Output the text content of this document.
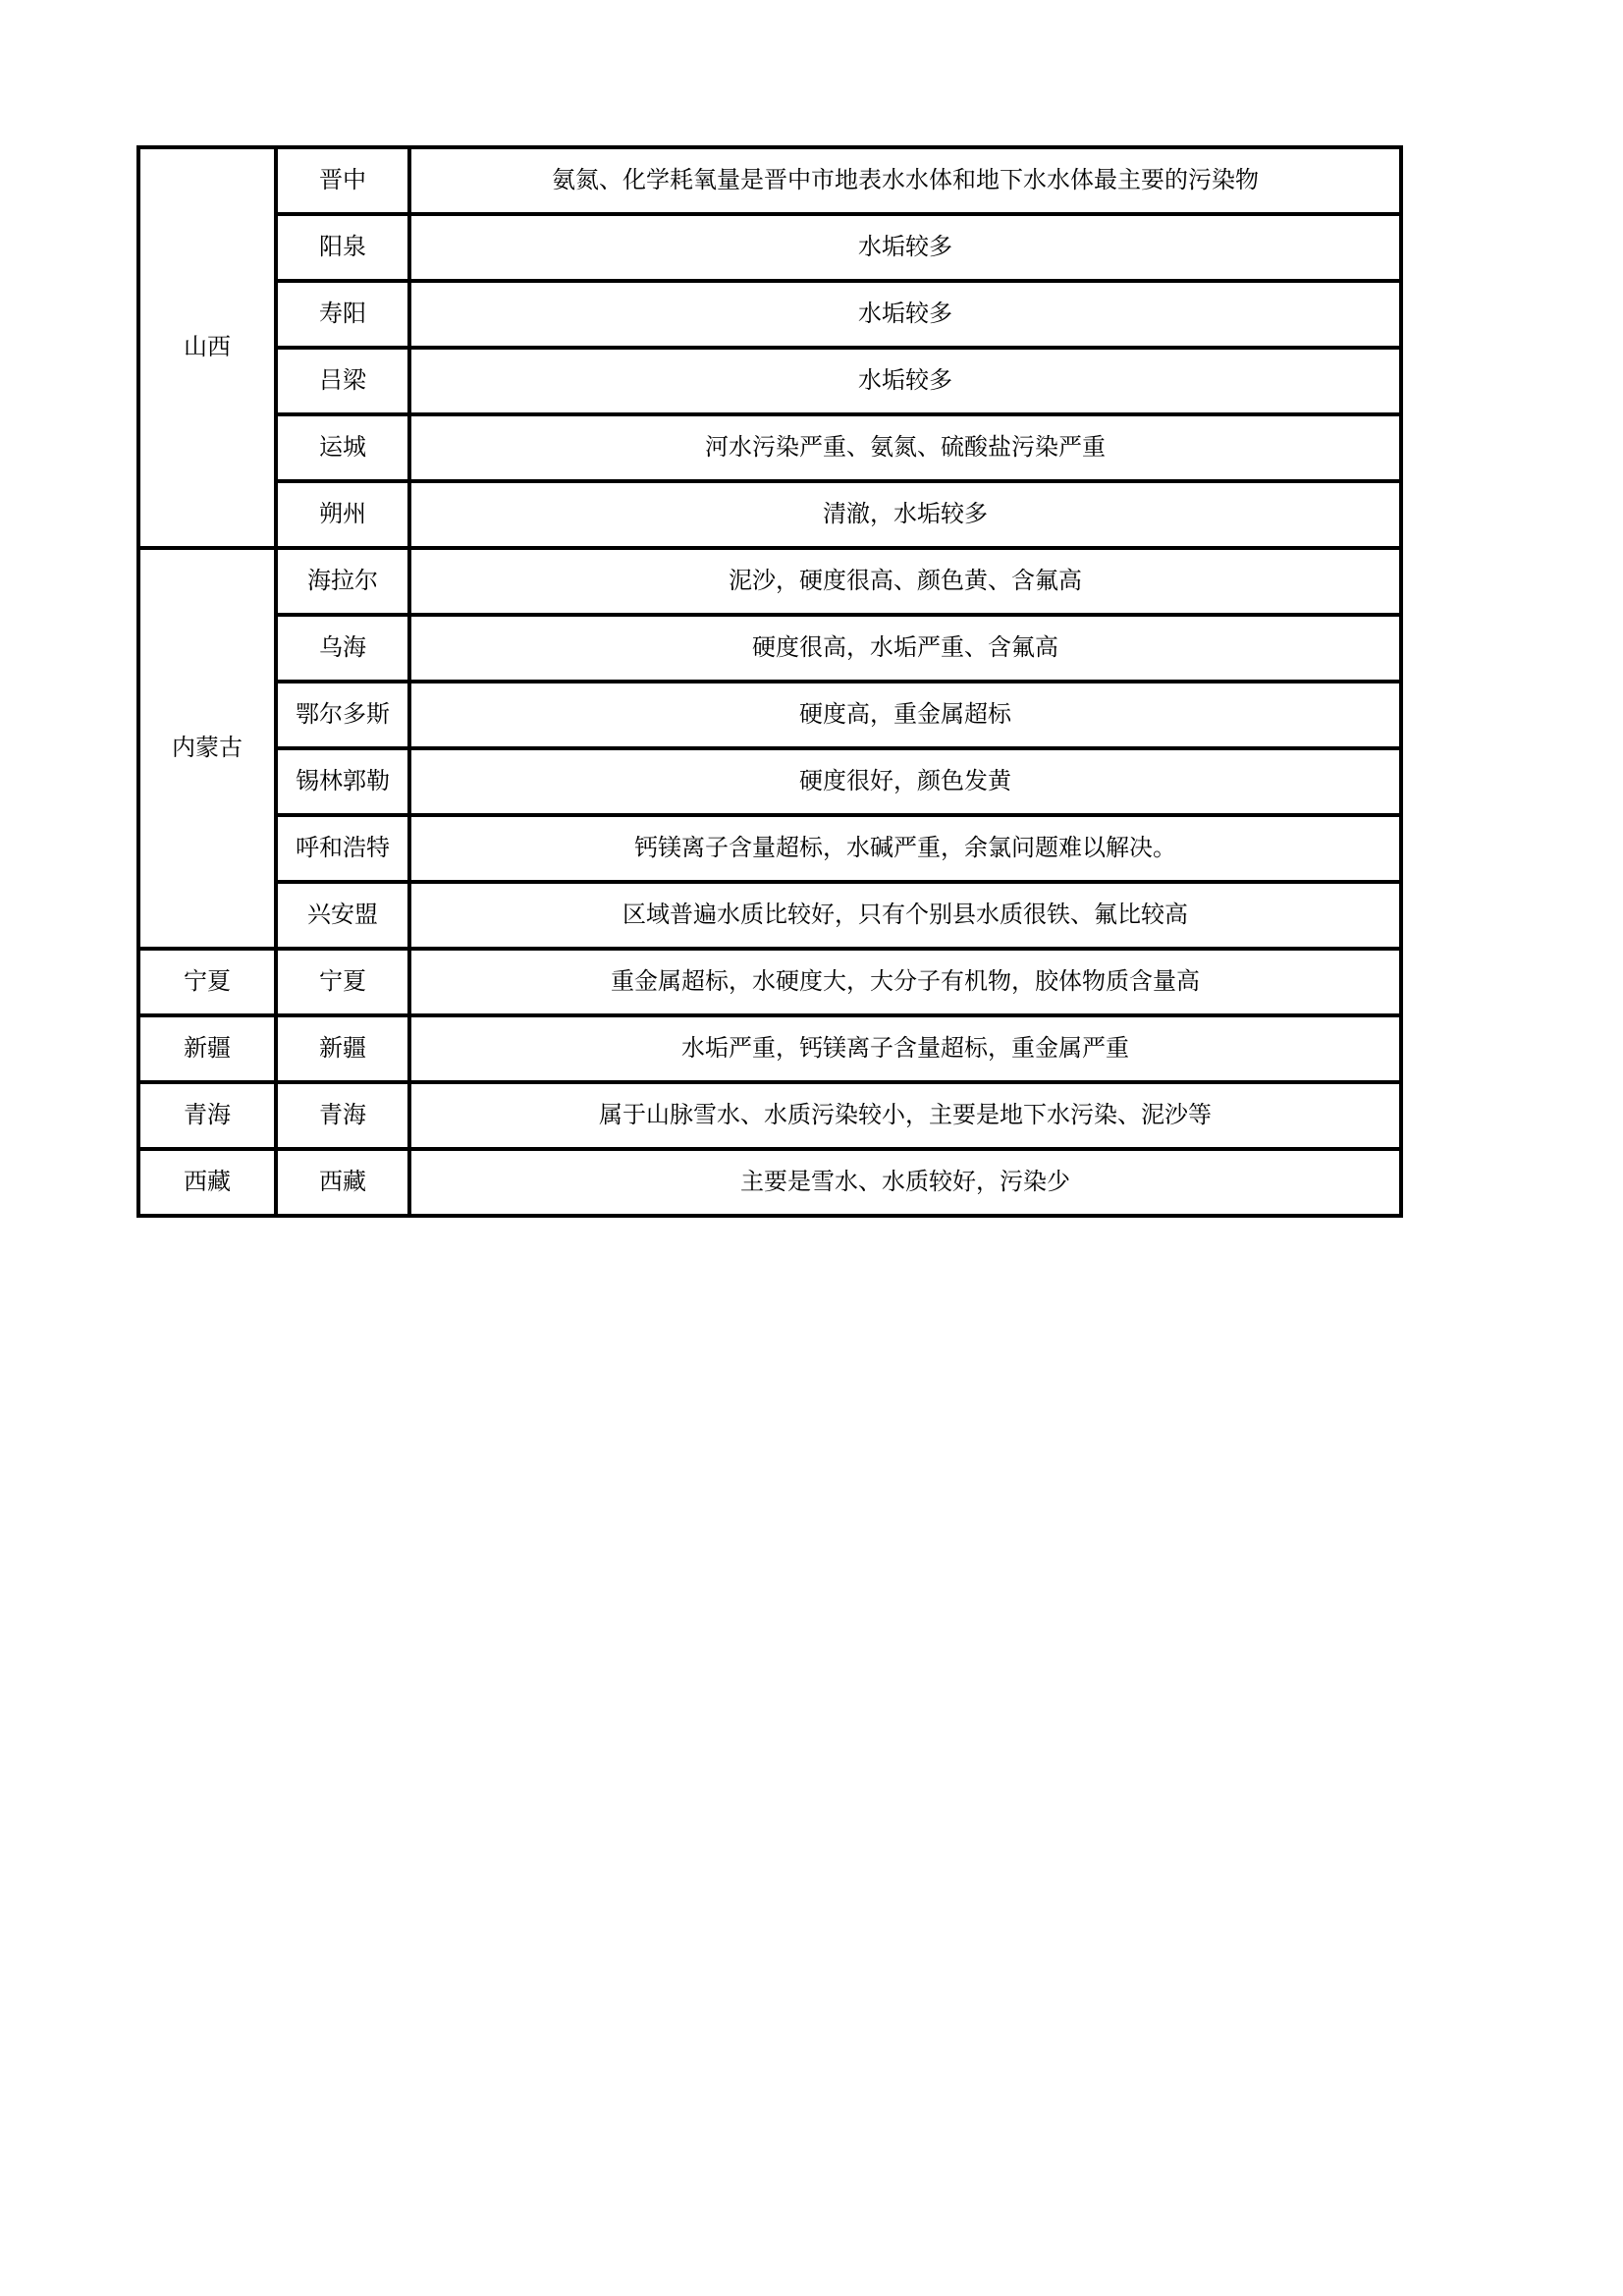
山西	晋中	氨氮、化学耗氧量是晋中市地表水水体和地下水水体最主要的污染物
	阳泉	水垢较多
	寿阳	水垢较多
	吕梁	水垢较多
	运城	河水污染严重、氨氮、硫酸盐污染严重
	朔州	清澈，水垢较多
内蒙古	海拉尔	泥沙，硬度很高、颜色黄、含氟高
	乌海	硬度很高，水垢严重、含氟高
	鄂尔多斯	硬度高，重金属超标
	锡林郭勒	硬度很好，颜色发黄
	呼和浩特	钙镁离子含量超标，水碱严重，余氯问题难以解决。
	兴安盟	区域普遍水质比较好，只有个别县水质很铁、氟比较高
宁夏	宁夏	重金属超标，水硬度大，大分子有机物，胶体物质含量高
新疆	新疆	水垢严重，钙镁离子含量超标，重金属严重
青海	青海	属于山脉雪水、水质污染较小，主要是地下水污染、泥沙等
西藏	西藏	主要是雪水、水质较好，污染少
